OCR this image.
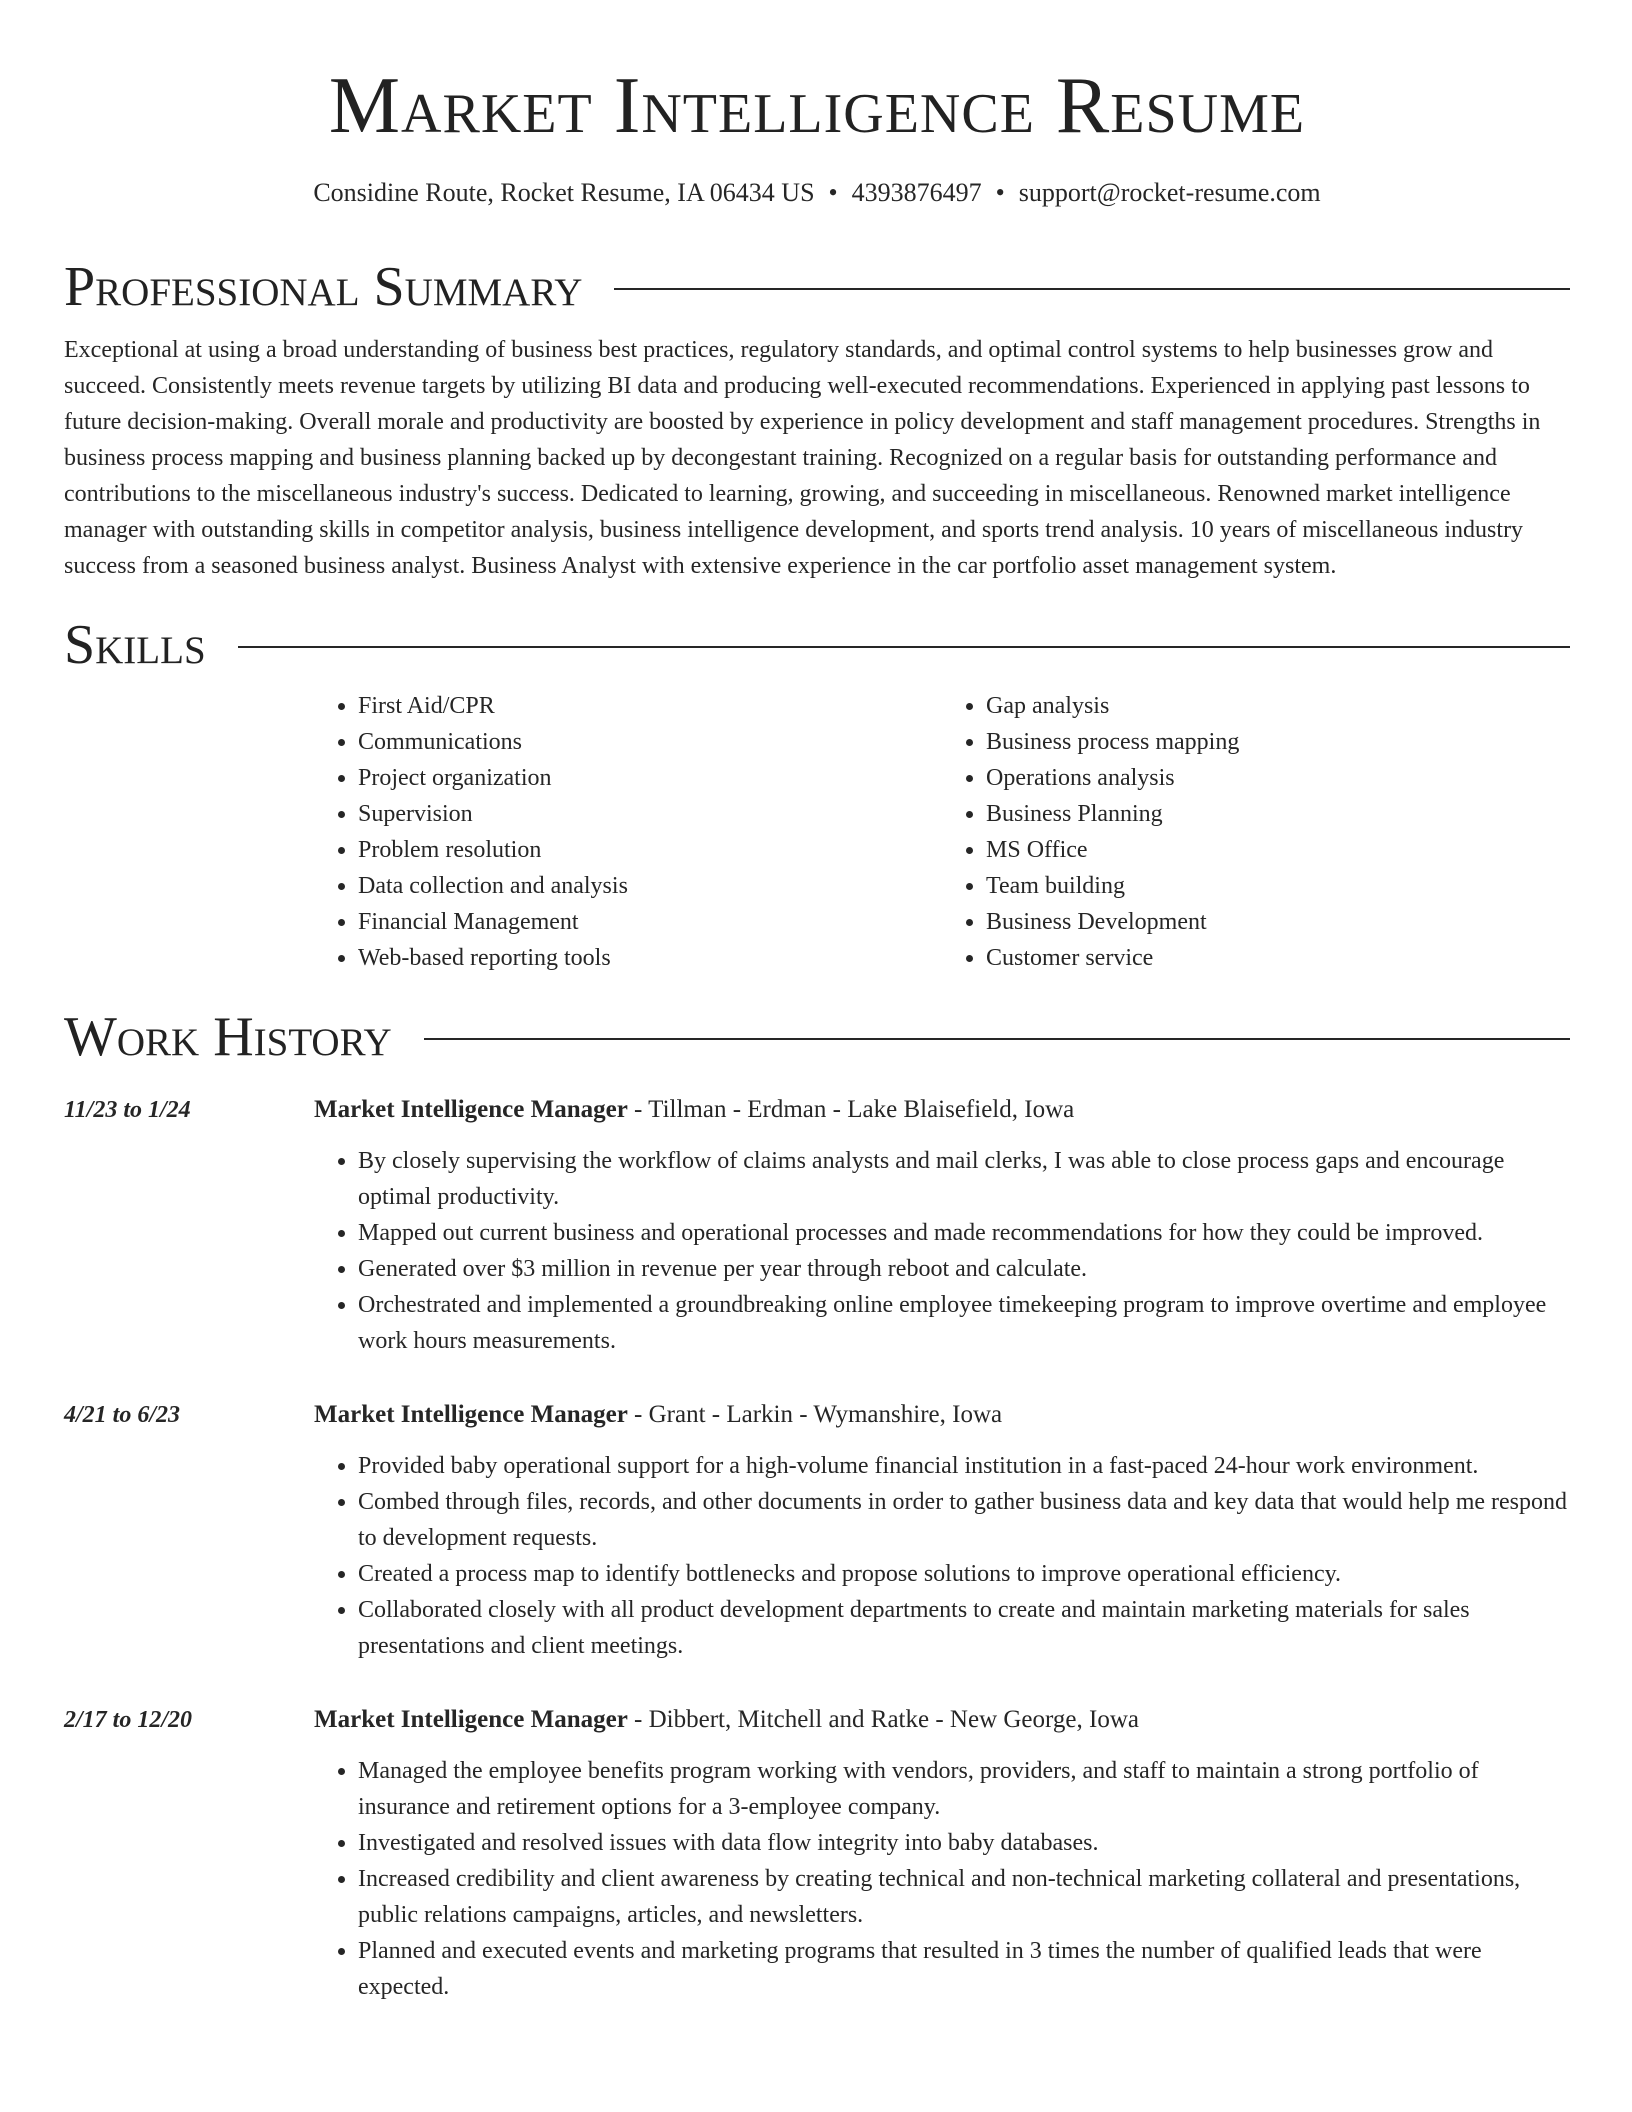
Market Intelligence Resume
Considine Route, Rocket Resume, IA 06434 US • 4393876497 • support@rocket-resume.com
Professional Summary

Exceptional at using a broad understanding of business best practices, regulatory standards, and optimal control systems to help businesses grow and succeed. Consistently meets revenue targets by utilizing BI data and producing well-executed recommendations. Experienced in applying past lessons to future decision-making. Overall morale and productivity are boosted by experience in policy development and staff management procedures. Strengths in business process mapping and business planning backed up by decongestant training. Recognized on a regular basis for outstanding performance and contributions to the miscellaneous industry's success. Dedicated to learning, growing, and succeeding in miscellaneous. Renowned market intelligence manager with outstanding skills in competitor analysis, business intelligence development, and sports trend analysis. 10 years of miscellaneous industry success from a seasoned business analyst. Business Analyst with extensive experience in the car portfolio asset management system.

Skills
• First Aid/CPR
• Communications
• Project organization
• Supervision
• Problem resolution
• Data collection and analysis
• Financial Management
• Web-based reporting tools
• Gap analysis
• Business process mapping
• Operations analysis
• Business Planning
• MS Office
• Team building
• Business Development
• Customer service
Work History
11/23 to 1/24	Market Intelligence Manager - Tillman - Erdman - Lake Blaisefield, Iowa
• By closely supervising the workflow of claims analysts and mail clerks, I was able to close process gaps and encourage optimal productivity.
• Mapped out current business and operational processes and made recommendations for how they could be improved.
• Generated over $3 million in revenue per year through reboot and calculate.
• Orchestrated and implemented a groundbreaking online employee timekeeping program to improve overtime and employee work hours measurements.
4/21 to 6/23	Market Intelligence Manager - Grant - Larkin - Wymanshire, Iowa
• Provided baby operational support for a high-volume financial institution in a fast-paced 24-hour work environment.
• Combed through files, records, and other documents in order to gather business data and key data that would help me respond to development requests.
• Created a process map to identify bottlenecks and propose solutions to improve operational efficiency.
• Collaborated closely with all product development departments to create and maintain marketing materials for sales presentations and client meetings.
2/17 to 12/20	Market Intelligence Manager - Dibbert, Mitchell and Ratke - New George, Iowa
• Managed the employee benefits program working with vendors, providers, and staff to maintain a strong portfolio of insurance and retirement options for a 3-employee company.
• Investigated and resolved issues with data flow integrity into baby databases.
• Increased credibility and client awareness by creating technical and non-technical marketing collateral and presentations, public relations campaigns, articles, and newsletters.
• Planned and executed events and marketing programs that resulted in 3 times the number of qualified leads that were expected.
